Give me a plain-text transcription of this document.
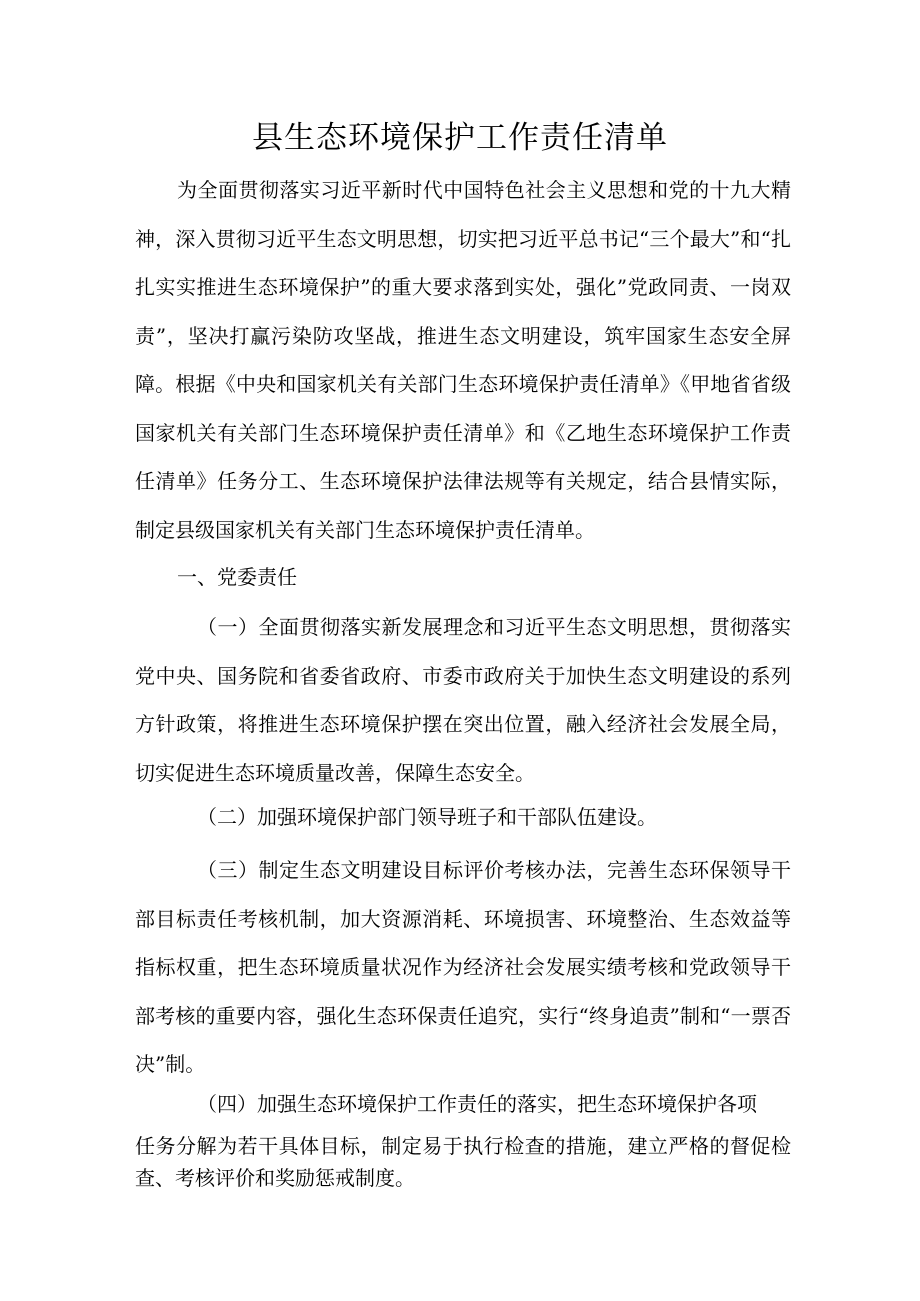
县生态环境保护工作责任清单

为全面贯彻落实习近平新时代中国特色社会主义思想和党的十九大精神，深入贯彻习近平生态文明思想，切实把习近平总书记“三个最大”和“扎扎实实推进生态环境保护”的重大要求落到实处，强化”党政同责、一岗双责”，坚决打赢污染防攻坚战，推进生态文明建设，筑牢国家生态安全屏障。根据《中央和国家机关有关部门生态环境保护责任清单》《甲地省省级国家机关有关部门生态环境保护责任清单》和《乙地生态环境保护工作责任清单》任务分工、生态环境保护法律法规等有关规定，结合县情实际，制定县级国家机关有关部门生态环境保护责任清单。

一、党委责任

（一）全面贯彻落实新发展理念和习近平生态文明思想，贯彻落实党中央、国务院和省委省政府、市委市政府关于加快生态文明建设的系列方针政策，将推进生态环境保护摆在突出位置，融入经济社会发展全局，切实促进生态环境质量改善，保障生态安全。

（二）加强环境保护部门领导班子和干部队伍建设。

（三）制定生态文明建设目标评价考核办法，完善生态环保领导干部目标责任考核机制，加大资源消耗、环境损害、环境整治、生态效益等指标权重，把生态环境质量状况作为经济社会发展实绩考核和党政领导干部考核的重要内容，强化生态环保责任追究，实行“终身追责”制和“一票否决”制。

（四）加强生态环境保护工作责任的落实，把生态环境保护各项

任务分解为若干具体目标，制定易于执行检查的措施，建立严格的督促检查、考核评价和奖励惩戒制度。
